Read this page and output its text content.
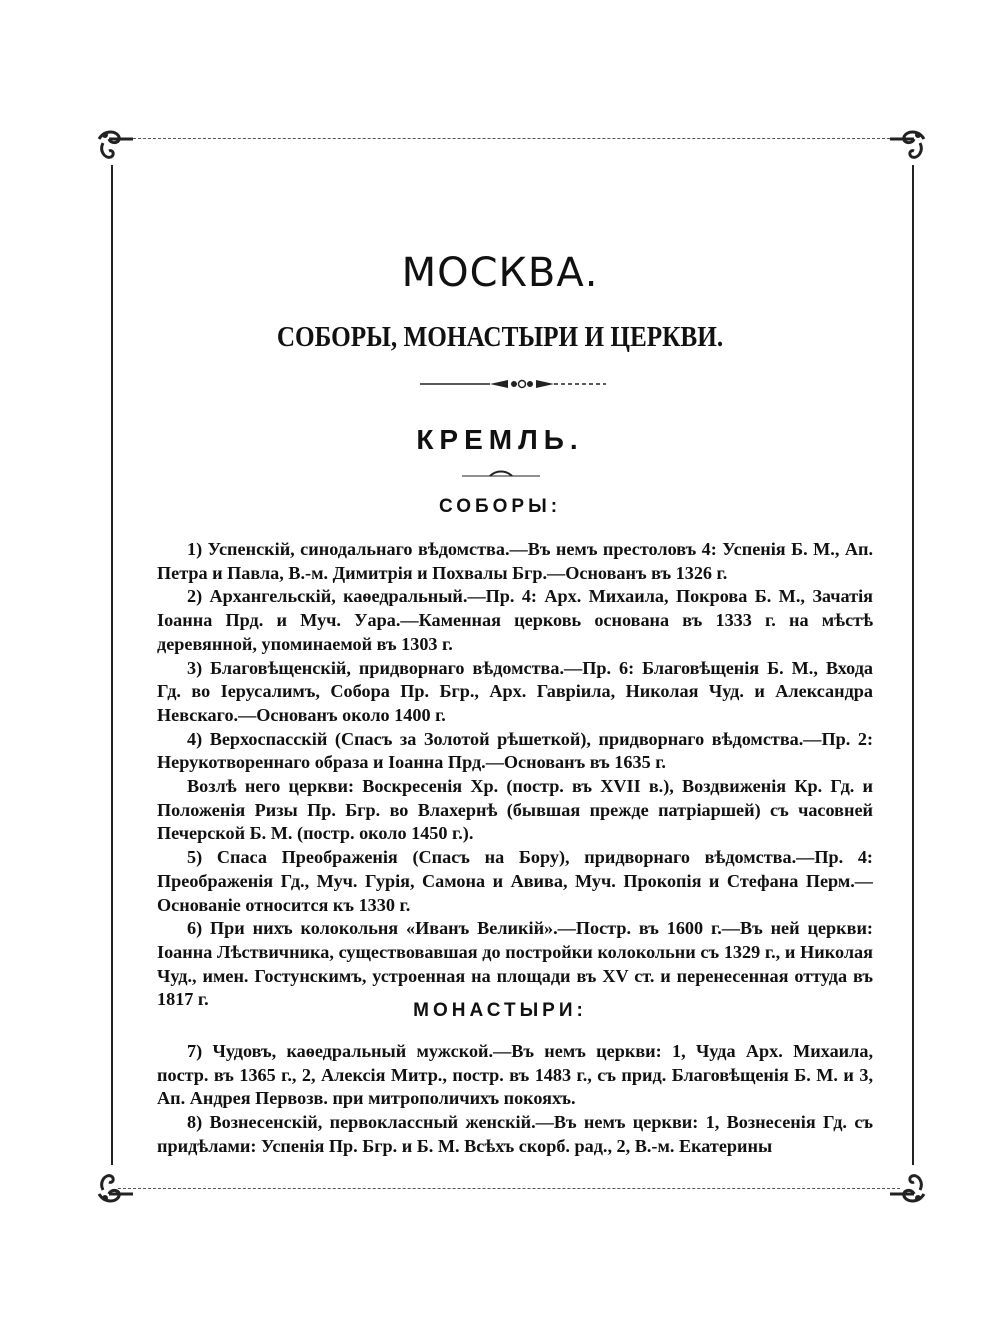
МОСКВА.
СОБОРЫ, МОНАСТЫРИ И ЦЕРКВИ.
КРЕМЛЬ.
СОБОРЫ:

1) Успенскій, синодальнаго вѣдомства.—Въ немъ престоловъ 4: Успенія Б. М., Ап. Петра и Павла, В.-м. Димитрія и Похвалы Бгр.—Основанъ въ 1326 г.

2) Архангельскій, каѳедральный.—Пр. 4: Арх. Михаила, Покрова Б. М., Зачатія Іоанна Прд. и Муч. Уара.—Каменная церковь основана въ 1333 г. на мѣстѣ деревянной, упоминаемой въ 1303 г.

3) Благовѣщенскій, придворнаго вѣдомства.—Пр. 6: Благовѣщенія Б. М., Входа Гд. во Іерусалимъ, Собора Пр. Бгр., Арх. Гавріила, Николая Чуд. и Александра Невскаго.—Основанъ около 1400 г.

4) Верхоспасскій (Спасъ за Золотой рѣшеткой), придворнаго вѣдомства.—Пр. 2: Нерукотвореннаго образа и Іоанна Прд.—Основанъ въ 1635 г.

Возлѣ него церкви: Воскресенія Хр. (постр. въ XVII в.), Воздвиженія Кр. Гд. и Положенія Ризы Пр. Бгр. во Влахернѣ (бывшая прежде патріаршей) съ часовней Печерской Б. М. (постр. около 1450 г.).

5) Спаса Преображенія (Спасъ на Бору), придворнаго вѣдомства.—Пр. 4: Преображенія Гд., Муч. Гурія, Самона и Авива, Муч. Прокопія и Стефана Перм.—Основаніе относится къ 1330 г.

6) При нихъ колокольня «Иванъ Великій».—Постр. въ 1600 г.—Въ ней церкви: Іоанна Лѣствичника, существовавшая до постройки колокольни съ 1329 г., и Николая Чуд., имен. Гостунскимъ, устроенная на площади въ XV ст. и перенесенная оттуда въ 1817 г.

МОНАСТЫРИ:

7) Чудовъ, каѳедральный мужской.—Въ немъ церкви: 1, Чуда Арх. Михаила, постр. въ 1365 г., 2, Алексія Митр., постр. въ 1483 г., съ прид. Благовѣщенія Б. М. и 3, Ап. Андрея Первозв. при митрополичихъ покояхъ.

8) Вознесенскій, первоклассный женскій.—Въ немъ церкви: 1, Вознесенія Гд. съ придѣлами: Успенія Пр. Бгр. и Б. М. Всѣхъ скорб. рад., 2, В.-м. Екатерины
